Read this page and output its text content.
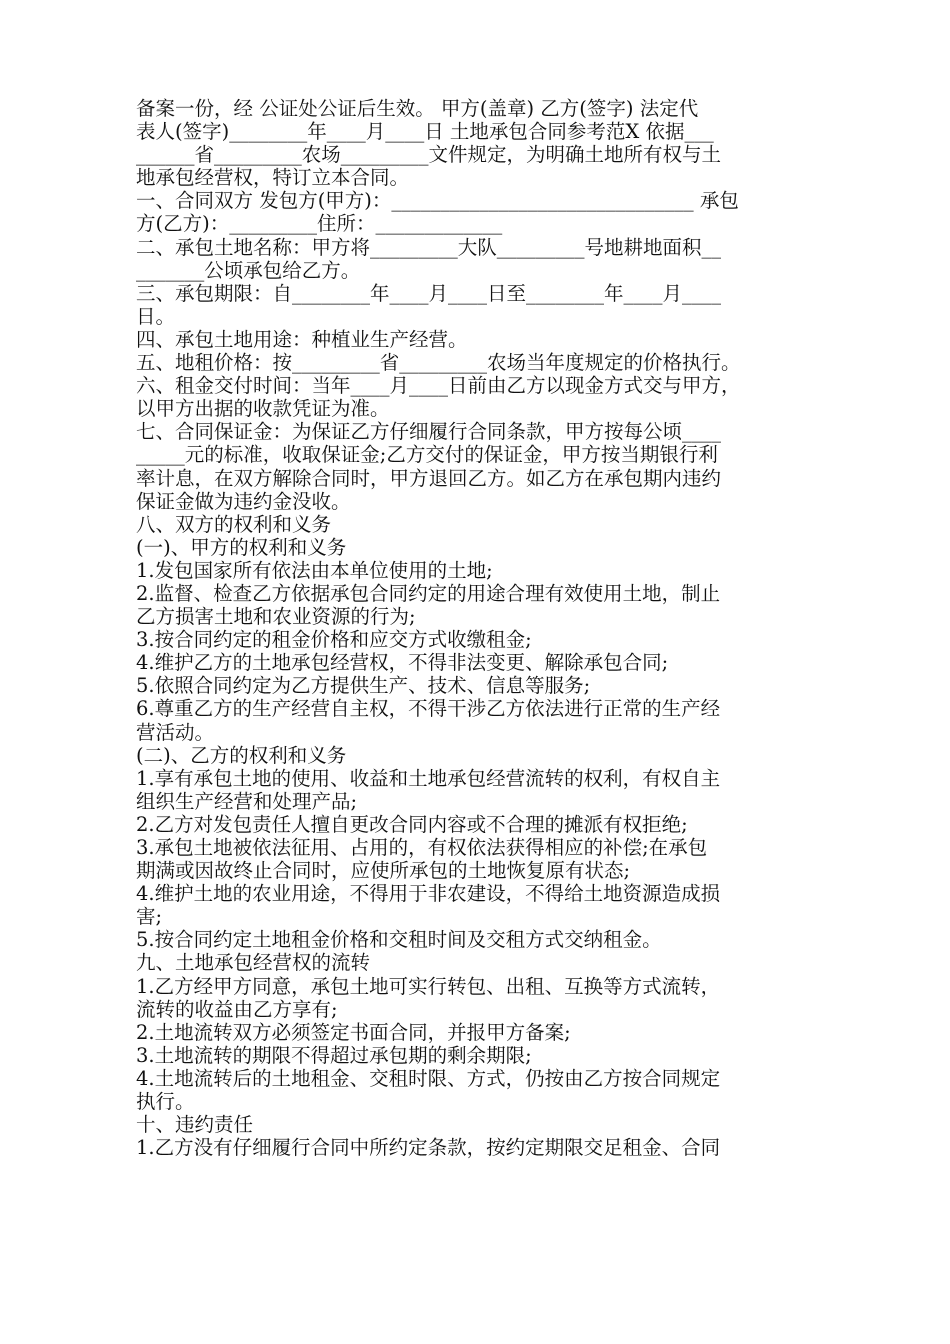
备案一份，经 公证处公证后生效。 甲方(盖章) 乙方(签字) 法定代
表人(签字)________年____月____日 土地承包合同参考范X 依据___
______省_________农场_________文件规定，为明确土地所有权与土
地承包经营权，特订立本合同。
一、合同双方 发包方(甲方)：_______________________________ 承包
方(乙方)：_________住所：_____________
二、承包土地名称：甲方将_________大队_________号地耕地面积__
_______公顷承包给乙方。
三、承包期限：自________年____月____日至________年____月____
日。
四、承包土地用途：种植业生产经营。
五、地租价格：按_________省_________农场当年度规定的价格执行。
六、租金交付时间：当年____月____日前由乙方以现金方式交与甲方，
以甲方出据的收款凭证为准。
七、合同保证金：为保证乙方仔细履行合同条款，甲方按每公顷____
_____元的标准，收取保证金;乙方交付的保证金，甲方按当期银行利
率计息，在双方解除合同时，甲方退回乙方。如乙方在承包期内违约
保证金做为违约金没收。
八、双方的权利和义务
(一)、甲方的权利和义务
1.发包国家所有依法由本单位使用的土地;
2.监督、检查乙方依据承包合同约定的用途合理有效使用土地，制止
乙方损害土地和农业资源的行为;
3.按合同约定的租金价格和应交方式收缴租金;
4.维护乙方的土地承包经营权，不得非法变更、解除承包合同;
5.依照合同约定为乙方提供生产、技术、信息等服务;
6.尊重乙方的生产经营自主权，不得干涉乙方依法进行正常的生产经
营活动。
(二)、乙方的权利和义务
1.享有承包土地的使用、收益和土地承包经营流转的权利，有权自主
组织生产经营和处理产品;
2.乙方对发包责任人擅自更改合同内容或不合理的摊派有权拒绝;
3.承包土地被依法征用、占用的，有权依法获得相应的补偿;在承包
期满或因故终止合同时，应使所承包的土地恢复原有状态;
4.维护土地的农业用途，不得用于非农建设，不得给土地资源造成损
害;
5.按合同约定土地租金价格和交租时间及交租方式交纳租金。
九、土地承包经营权的流转
1.乙方经甲方同意，承包土地可实行转包、出租、互换等方式流转，
流转的收益由乙方享有;
2.土地流转双方必须签定书面合同，并报甲方备案;
3.土地流转的期限不得超过承包期的剩余期限;
4.土地流转后的土地租金、交租时限、方式，仍按由乙方按合同规定
执行。
十、违约责任
1.乙方没有仔细履行合同中所约定条款，按约定期限交足租金、合同
